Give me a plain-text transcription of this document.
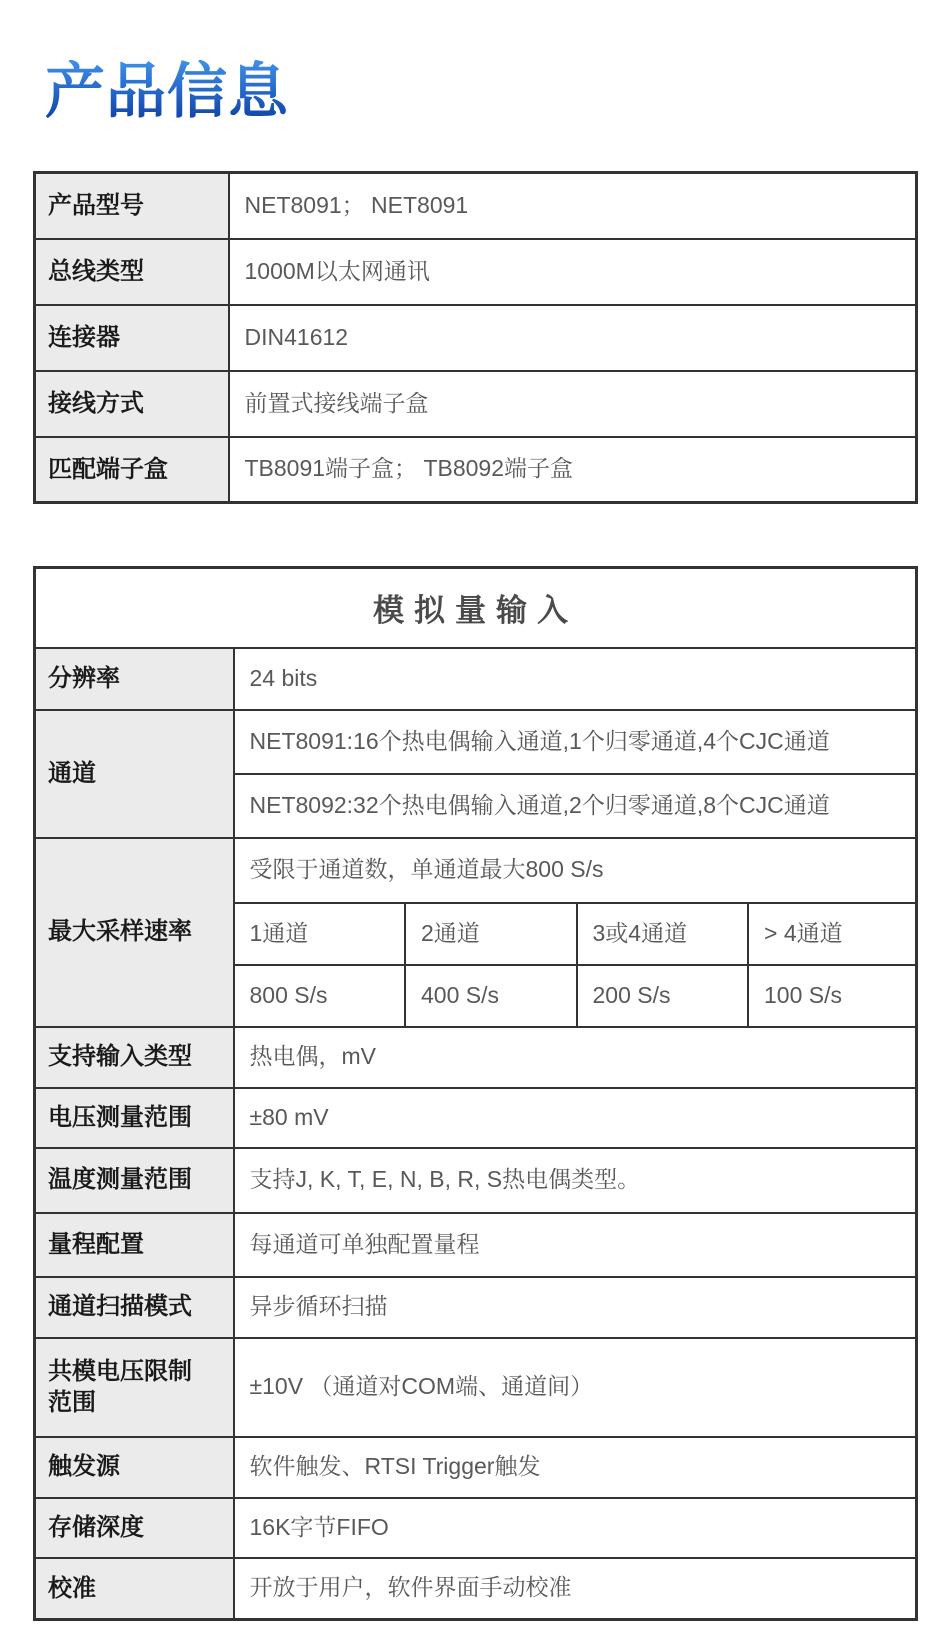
产品信息
产品型号	NET8091； NET8091
总线类型	1000M以太网通讯
连接器	DIN41612
接线方式	前置式接线端子盒
匹配端子盒	TB8091端子盒； TB8092端子盒
模拟量输入				
分辨率	24 bits			
通道	NET8091:16个热电偶输入通道,1个归零通道,4个CJC通道			
	NET8092:32个热电偶输入通道,2个归零通道,8个CJC通道			
最大采样速率	受限于通道数，单通道最大800 S/s			
	1通道	2通道	3或4通道	> 4通道
	800 S/s	400 S/s	200 S/s	100 S/s
支持输入类型	热电偶，mV			
电压测量范围	±80 mV			
温度测量范围	支持J, K, T, E, N, B, R, S热电偶类型。			
量程配置	每通道可单独配置量程			
通道扫描模式	异步循环扫描			
共模电压限制范围	±10V （通道对COM端、通道间）			
触发源	软件触发、RTSI Trigger触发			
存储深度	16K字节FIFO			
校准	开放于用户，软件界面手动校准			
